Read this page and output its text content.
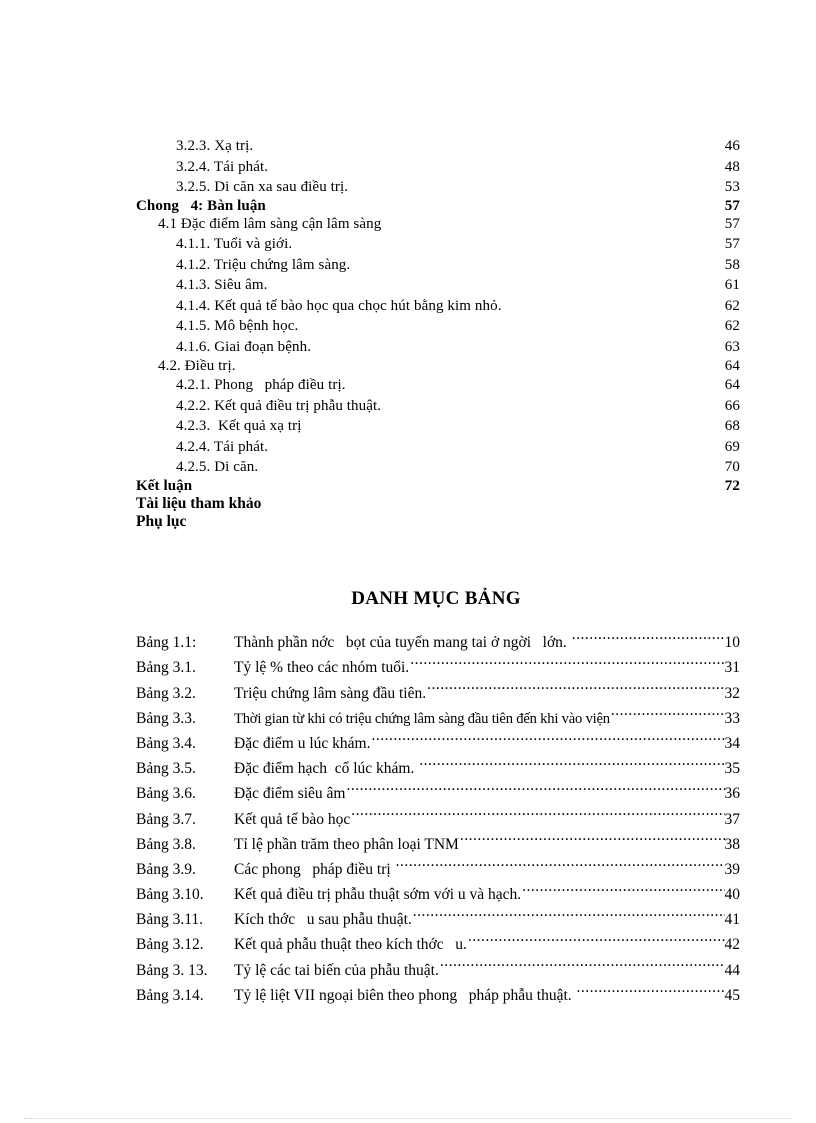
3.2.3. Xạ trị.	46
3.2.4. Tái phát.	48
3.2.5. Di căn xa sau điều trị.	53
Chong   4: Bàn luận	57
4.1 Đặc điểm lâm sàng cận lâm sàng	57
4.1.1. Tuổi và giới.	57
4.1.2. Triệu chứng lâm sàng.	58
4.1.3. Siêu âm.	61
4.1.4. Kết quả tế bào học qua chọc hút bằng kim nhỏ.	62
4.1.5. Mô bệnh học.	62
4.1.6. Giai đoạn bệnh.	63
4.2. Điều trị.	64
4.2.1. Phong   pháp điều trị.	64
4.2.2. Kết quả điều trị phẫu thuật.	66
4.2.3.  Kết quả xạ trị	68
4.2.4. Tái phát.	69
4.2.5. Di căn.	70
Kết luận	72
Tài liệu tham khảo
Phụ lục
DANH MỤC BẢNG
Bảng 1.1:	Thành phần nớc   bọt của tuyến mang tai ở ngời   lớn. .....	10
Bảng 3.1.	Tỷ lệ % theo các nhóm tuổi. .....	31
Bảng 3.2.	Triệu chứng lâm sàng đầu tiên. .....	32
Bảng 3.3.	Thời gian từ khi có triệu chứng lâm sàng đầu tiên đến khi vào viện .....	33
Bảng 3.4.	Đặc điểm u lúc khám. .....	34
Bảng 3.5.	Đặc điểm hạch  cổ lúc khám. .....	35
Bảng 3.6.	Đặc điểm siêu âm .....	36
Bảng 3.7.	Kết quả tế bào học .....	37
Bảng 3.8.	Tỉ lệ phần trăm theo phân loại TNM .....	38
Bảng 3.9.	Các phong   pháp điều trị .....	39
Bảng 3.10.	Kết quả điều trị phẫu thuật sớm với u và hạch. .....	40
Bảng 3.11.	Kích thớc   u sau phẫu thuật. .....	41
Bảng 3.12.	Kết quả phẫu thuật theo kích thớc   u. .....	42
Bảng 3. 13.	Tỷ lệ các tai biến của phẫu thuật. .....	44
Bảng 3.14.	Tỷ lệ liệt VII ngoại biên theo phong   pháp phẫu thuật. .....	45
